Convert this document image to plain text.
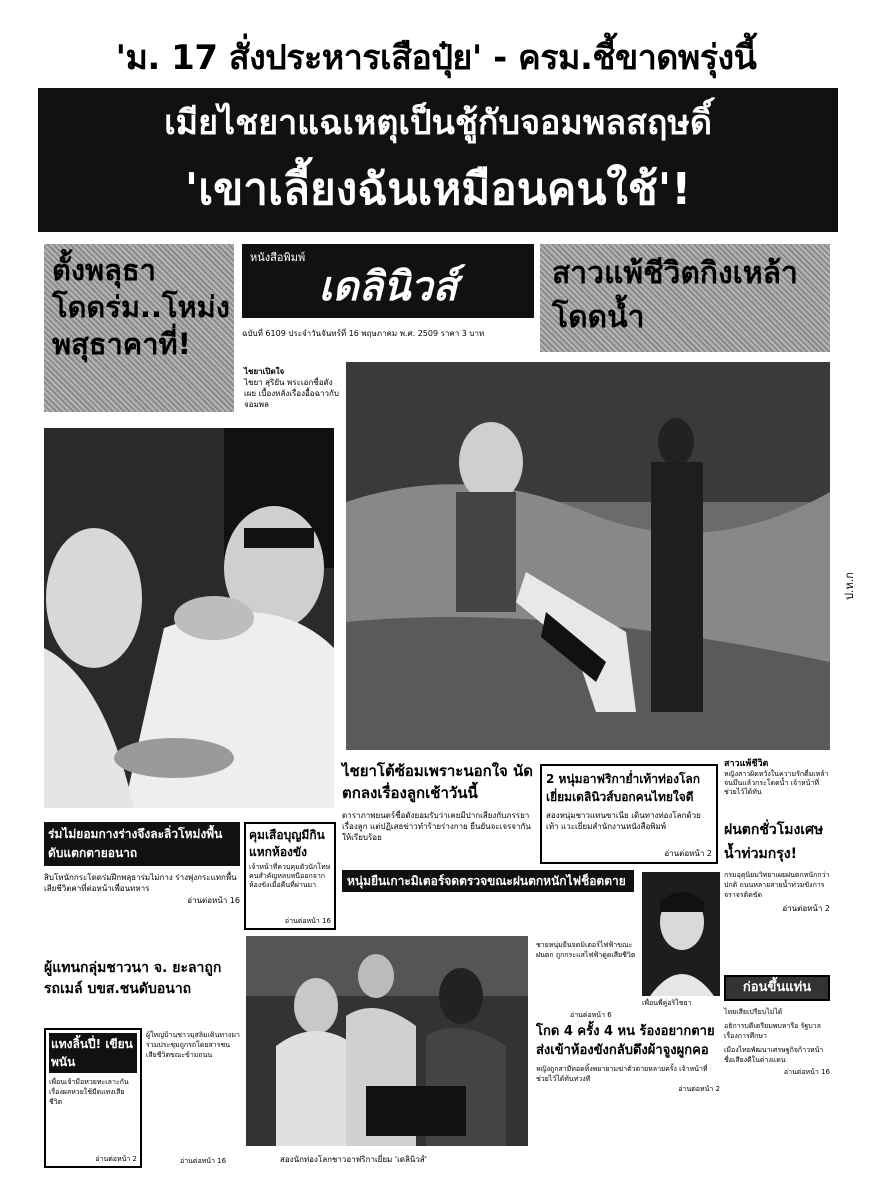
'ม. 17 สั่งประหารเสือปุ๋ย' - ครม.ชี้ขาดพรุ่งนี้
เมียไชยาแฉเหตุเป็นชู้กับจอมพลสฤษดิ์
'เขาเลี้ยงฉันเหมือนคนใช้'!
ตั้งพลุธาโดดร่ม..โหม่งพสุธาคาที่!
หนังสือพิมพ์
เดลินิวส์
ฉบับที่ 6109 ประจำวันจันทร์ที่ 16 พฤษภาคม พ.ศ. 2509 ราคา 3 บาท
สาวแพ้ชีวิตกิงเหล้าโดดน้ำ
ไชยาเปิดใจ
ไชยา สุริยัน พระเอกชื่อดังเผย เบื้องหลังเรื่องอื้อฉาวกับจอมพล
ป.ห.ก
ไชยาโต้ซ้อมเพราะนอกใจ นัดตกลงเรื่องลูกเช้าวันนี้
ดาราภาพยนตร์ชื่อดังยอมรับว่าเคยมีปากเสียงกับภรรยาเรื่องลูก แต่ปฏิเสธข่าวทำร้ายร่างกาย ยืนยันจะเจรจากันให้เรียบร้อย
2 หนุ่มอาฟริกาย่ำเท้าท่องโลก เยี่ยมเดลินิวส์บอกคนไทยใจดี
สองหนุ่มชาวแทนซาเนีย เดินทางท่องโลกด้วยเท้า แวะเยี่ยมสำนักงานหนังสือพิมพ์
อ่านต่อหน้า 2
สาวแพ้ชีวิต
หญิงสาวผิดหวังในความรักดื่มเหล้าจนมึนแล้วกระโดดน้ำ เจ้าหน้าที่ช่วยไว้ได้ทัน
ฝนตกชั่วโมงเศษน้ำท่วมกรุง!
กรมอุตุนิยมวิทยาเผยฝนตกหนักกว่าปกติ ถนนหลายสายน้ำท่วมขังการจราจรติดขัด
อ่านต่อหน้า 2
ร่มไม่ยอมกางร่างจึงละลิ่วโหม่งพื้นดับแตกตายอนาถ
สิบโทนักกระโดดร่มฝึกพลุธาร่มไม่กาง ร่างพุ่งกระแทกพื้นเสียชีวิตคาที่ต่อหน้าเพื่อนทหาร
อ่านต่อหน้า 16
คุมเสือบุญมีกินแหกห้องขัง
เจ้าหน้าที่ควบคุมตัวนักโทษคนสำคัญหลบหนีออกจากห้องขังเมื่อคืนที่ผ่านมา
อ่านต่อหน้า 16
หนุ่มยืนเกาะมิเตอร์จดตรวจขณะฝนตกหนักไฟช็อตตาย
เพื่อนพี่คู่อริไชยา
ก่อนขึ้นแท่น
ไทยเสียเปรียบไม่ได้
อธิการบดีเตรียมพบหารือ รัฐบาลเรื่องการศึกษา
เมืองไทยพัฒนาเศรษฐกิจก้าวหน้า ชื่อเสียงดีในต่างแดน
อ่านต่อหน้า 16
ชายหนุ่มยืนจดมิเตอร์ไฟฟ้าขณะฝนตก ถูกกระแสไฟฟ้าดูดเสียชีวิต
อ่านต่อหน้า 6
ผู้แทนกลุ่มชาวนา จ. ยะลาถูกรถเมล์ บขส.ชนดับอนาถ
แทงลิ้นปี่! เขียนพนัน
เพื่อนเจ้ามือหวยทะเลาะกันเรื่องผลหวยใช้มีดแทงเสียชีวิต
อ่านต่อหน้า 2
ผู้ใหญ่บ้านชาวมุสลิมเดินทางมาร่วมประชุมถูกรถโดยสารชนเสียชีวิตขณะข้ามถนน
อ่านต่อหน้า 16	สองนักท่องโลกชาวอาฟริกาเยี่ยม 'เดลินิวส์'
โกด 4 ครั้ง 4 หน ร้องอยากตาย ส่งเข้าห้องขังกลับดึงผ้าจูงผูกคอ
หญิงถูกสามีทอดทิ้งพยายามฆ่าตัวตายหลายครั้ง เจ้าหน้าที่ช่วยไว้ได้ทันท่วงที
อ่านต่อหน้า 2
